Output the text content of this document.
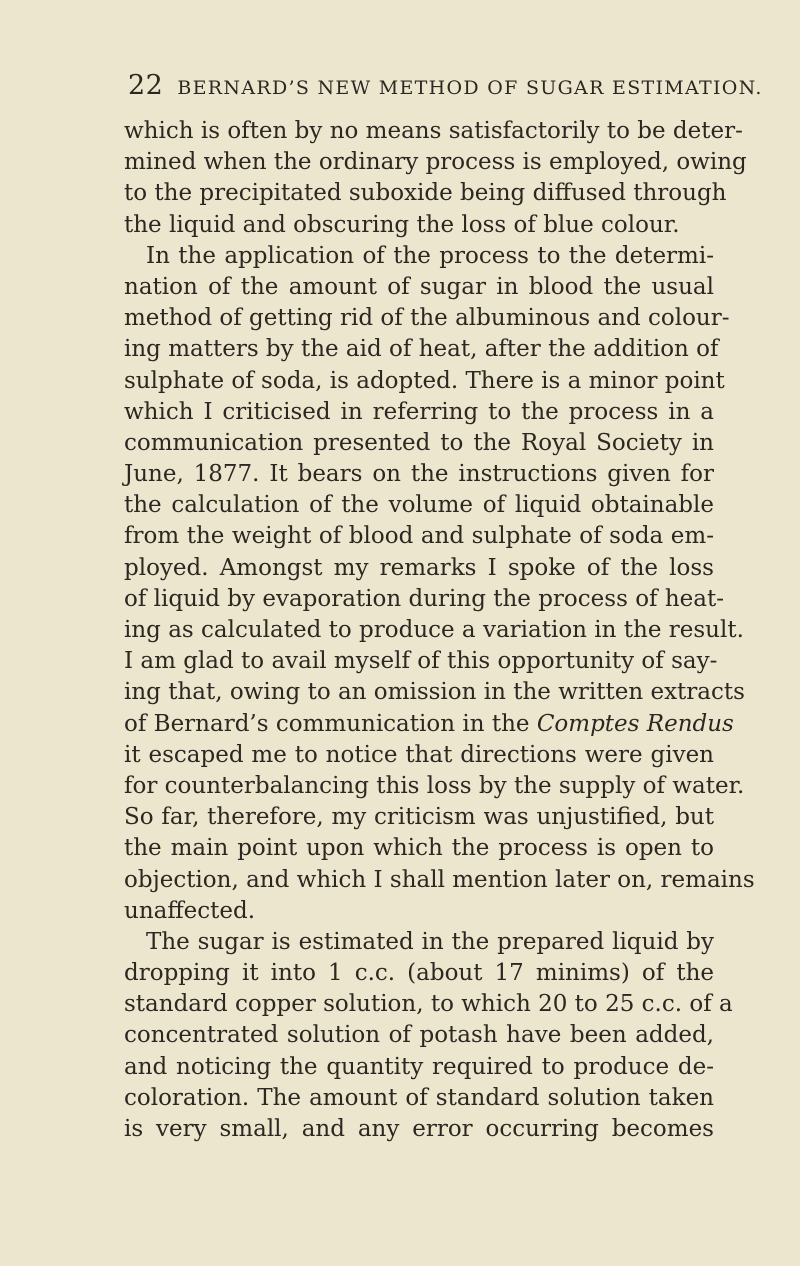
22 BERNARD’S NEW METHOD OF SUGAR ESTIMATION.
which is often by no means satisfactorily to be deter-
mined when the ordinary process is employed, owing
to the precipitated suboxide being diffused through
the liquid and obscuring the loss of blue colour.
In the application of the process to the determi-
nation of the amount of sugar in blood the usual
method of getting rid of the albuminous and colour-
ing matters by the aid of heat, after the addition of
sulphate of soda, is adopted. There is a minor point
which I criticised in referring to the process in a
communication presented to the Royal Society in
June, 1877. It bears on the instructions given for
the calculation of the volume of liquid obtainable
from the weight of blood and sulphate of soda em-
ployed. Amongst my remarks I spoke of the loss
of liquid by evaporation during the process of heat-
ing as calculated to produce a variation in the result.
I am glad to avail myself of this opportunity of say-
ing that, owing to an omission in the written extracts
of Bernard’s communication in the Comptes Rendus
it escaped me to notice that directions were given
for counterbalancing this loss by the supply of water.
So far, therefore, my criticism was unjustified, but
the main point upon which the process is open to
objection, and which I shall mention later on, remains
unaffected.
The sugar is estimated in the prepared liquid by
dropping it into 1 c.c. (about 17 minims) of the
standard copper solution, to which 20 to 25 c.c. of a
concentrated solution of potash have been added,
and noticing the quantity required to produce de-
coloration. The amount of standard solution taken
is very small, and any error occurring becomes
